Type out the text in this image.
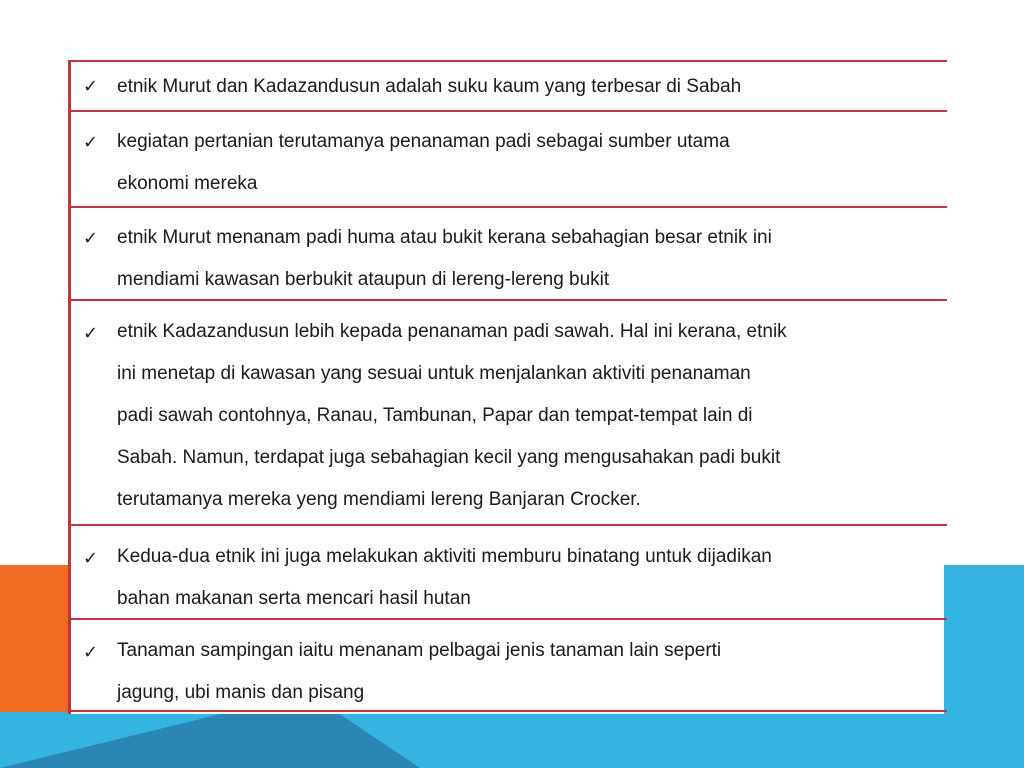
✓ etnik Murut dan Kadazandusun adalah suku kaum yang terbesar di Sabah
✓ kegiatan pertanian terutamanya penanaman padi sebagai sumber utama
ekonomi mereka
✓ etnik Murut menanam padi huma atau bukit kerana sebahagian besar etnik ini
mendiami kawasan berbukit ataupun di lereng-lereng bukit
✓ etnik Kadazandusun lebih kepada penanaman padi sawah. Hal ini kerana, etnik
ini menetap di kawasan yang sesuai untuk menjalankan aktiviti penanaman
padi sawah contohnya, Ranau, Tambunan, Papar dan tempat-tempat lain di
Sabah. Namun, terdapat juga sebahagian kecil yang mengusahakan padi bukit
terutamanya mereka yeng mendiami lereng Banjaran Crocker.
✓ Kedua-dua etnik ini juga melakukan aktiviti memburu binatang untuk dijadikan
bahan makanan serta mencari hasil hutan
✓ Tanaman sampingan iaitu menanam pelbagai jenis tanaman lain seperti
jagung, ubi manis dan pisang
